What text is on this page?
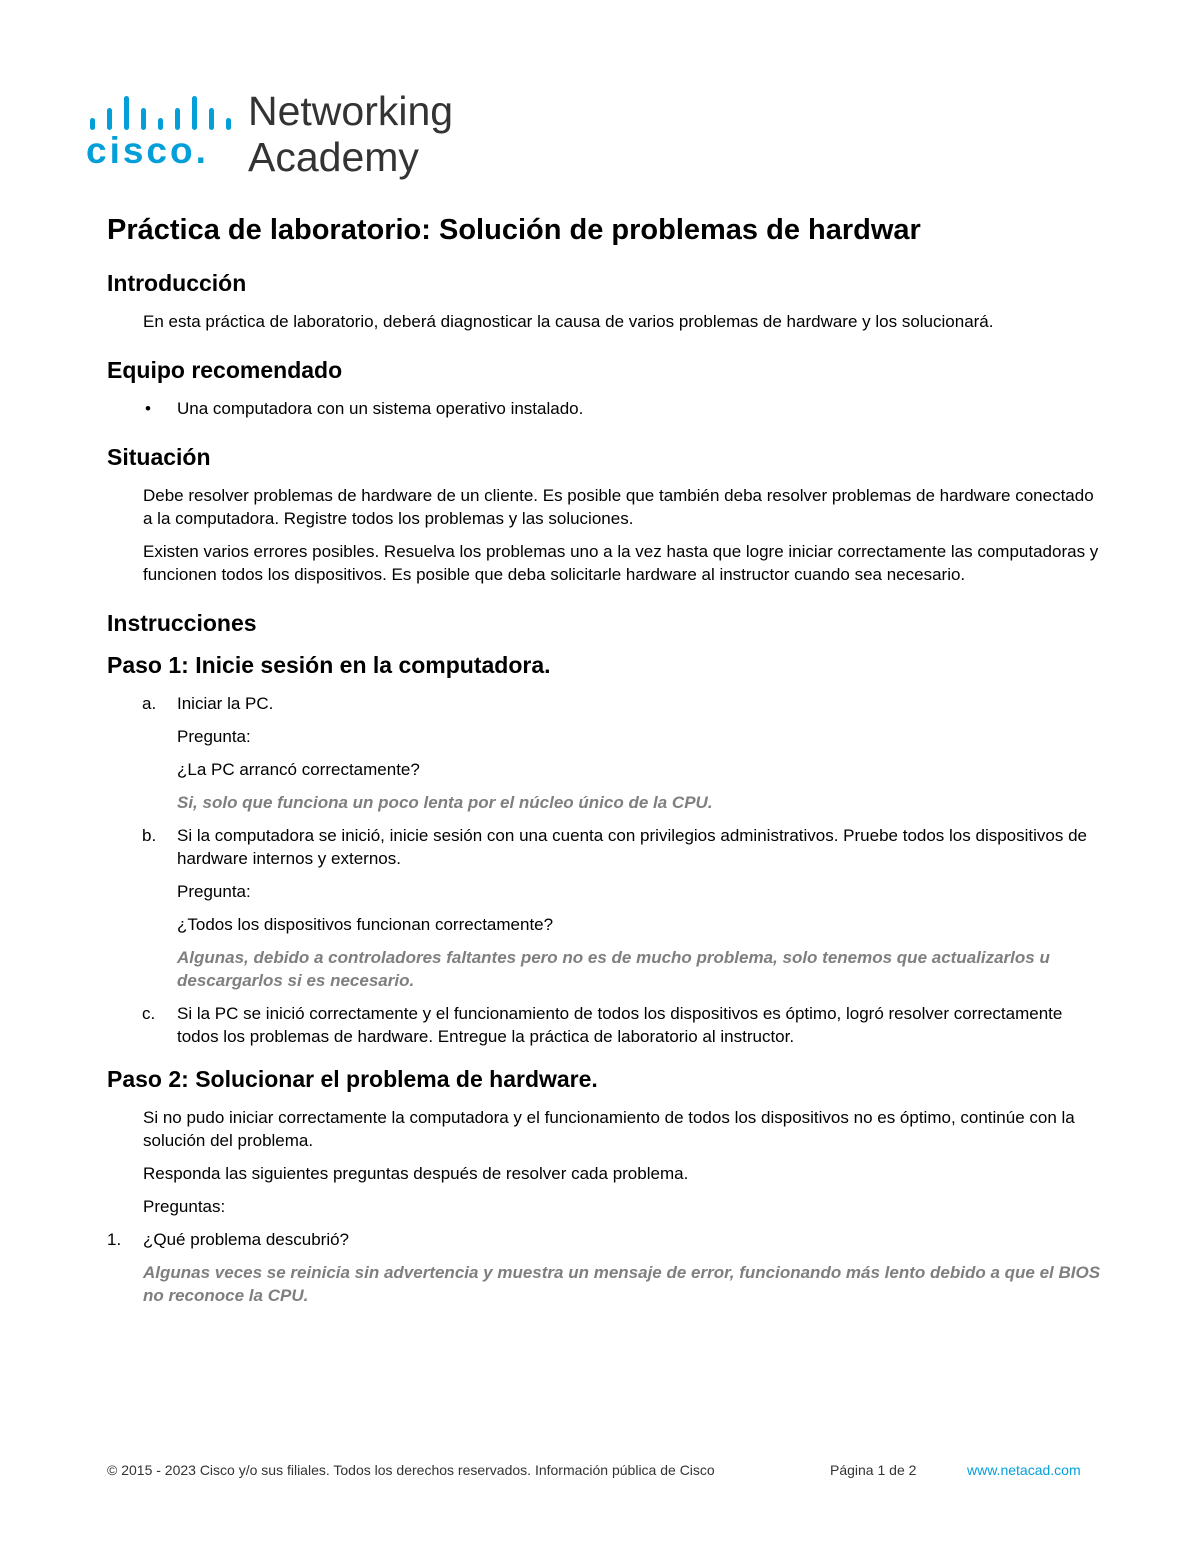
cisco.
Networking
Academy
Práctica de laboratorio: Solución de problemas de hardwar
Introducción

En esta práctica de laboratorio, deberá diagnosticar la causa de varios problemas de hardware y los solucionará.

Equipo recomendado
• Una computadora con un sistema operativo instalado.
Situación

Debe resolver problemas de hardware de un cliente. Es posible que también deba resolver problemas de hardware conectado a la computadora. Registre todos los problemas y las soluciones.

Existen varios errores posibles. Resuelva los problemas uno a la vez hasta que logre iniciar correctamente las computadoras y funcionen todos los dispositivos. Es posible que deba solicitarle hardware al instructor cuando sea necesario.

Instrucciones
Paso 1: Inicie sesión en la computadora.
a. Iniciar la PC.

Pregunta:

¿La PC arrancó correctamente?

Si, solo que funciona un poco lenta por el núcleo único de la CPU.

b. Si la computadora se inició, inicie sesión con una cuenta con privilegios administrativos. Pruebe todos los dispositivos de hardware internos y externos.

Pregunta:

¿Todos los dispositivos funcionan correctamente?

Algunas, debido a controladores faltantes pero no es de mucho problema, solo tenemos que actualizarlos u descargarlos si es necesario.

c. Si la PC se inició correctamente y el funcionamiento de todos los dispositivos es óptimo, logró resolver correctamente todos los problemas de hardware. Entregue la práctica de laboratorio al instructor.
Paso 2: Solucionar el problema de hardware.

Si no pudo iniciar correctamente la computadora y el funcionamiento de todos los dispositivos no es óptimo, continúe con la solución del problema.

Responda las siguientes preguntas después de resolver cada problema.

Preguntas:

1. ¿Qué problema descubrió?

Algunas veces se reinicia sin advertencia y muestra un mensaje de error, funcionando más lento debido a que el BIOS no reconoce la CPU.

© 2015 - 2023 Cisco y/o sus filiales. Todos los derechos reservados. Información pública de Cisco	Página 1 de 2	www.netacad.com
